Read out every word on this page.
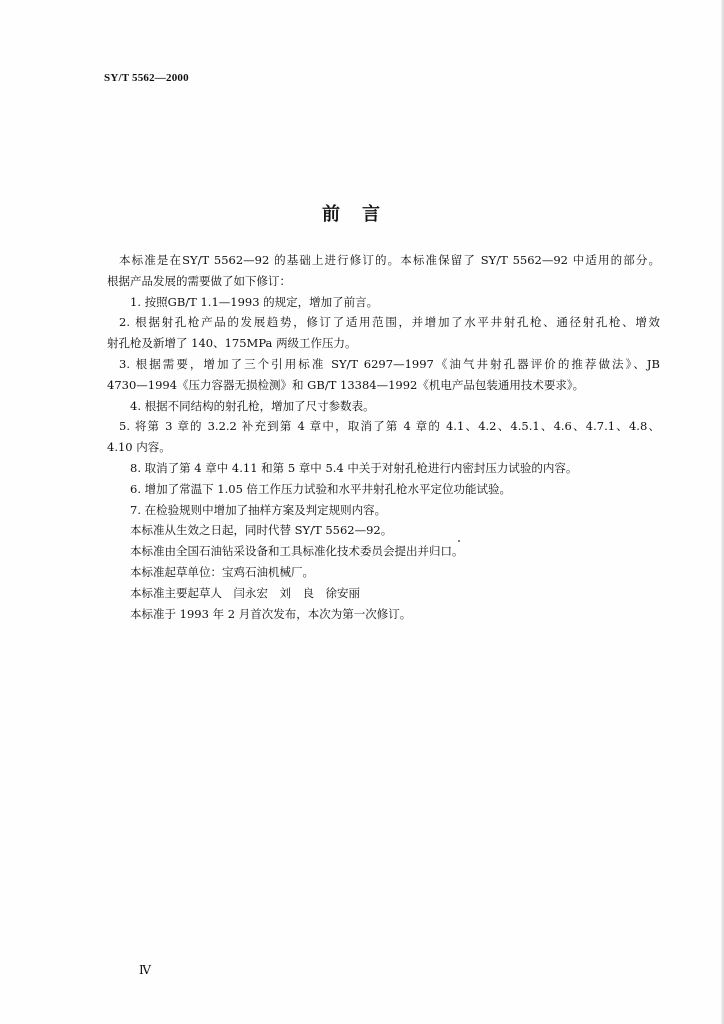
SY/T 5562—2000
前言
本标准是在SY/T 5562—92 的基础上进行修订的。本标准保留了 SY/T 5562—92 中适用的部分。
根据产品发展的需要做了如下修订：

1. 按照GB/T 1.1—1993 的规定，增加了前言。

2. 根据射孔枪产品的发展趋势，修订了适用范围，并增加了水平井射孔枪、通径射孔枪、增效
射孔枪及新增了 140、175MPa 两级工作压力。
3. 根据需要，增加了三个引用标准 SY/T 6297—1997《油气井射孔器评价的推荐做法》、JB
4730—1994《压力容器无损检测》和 GB/T 13384—1992《机电产品包装通用技术要求》。

4. 根据不同结构的射孔枪，增加了尺寸参数表。

5. 将第 3 章的 3.2.2 补充到第 4 章中，取消了第 4 章的 4.1、4.2、4.5.1、4.6、4.7.1、4.8、
4.10 内容。

8. 取消了第 4 章中 4.11 和第 5 章中 5.4 中关于对射孔枪进行内密封压力试验的内容。

6. 增加了常温下 1.05 倍工作压力试验和水平井射孔枪水平定位功能试验。

7. 在检验规则中增加了抽样方案及判定规则内容。

本标准从生效之日起，同时代替 SY/T 5562—92。

本标准由全国石油钻采设备和工具标准化技术委员会提出并归口。

本标准起草单位：宝鸡石油机械厂。

本标准主要起草人　 闫永宏　刘　良　徐安丽

本标准于 1993 年 2 月首次发布，本次为第一次修订。

Ⅳ
